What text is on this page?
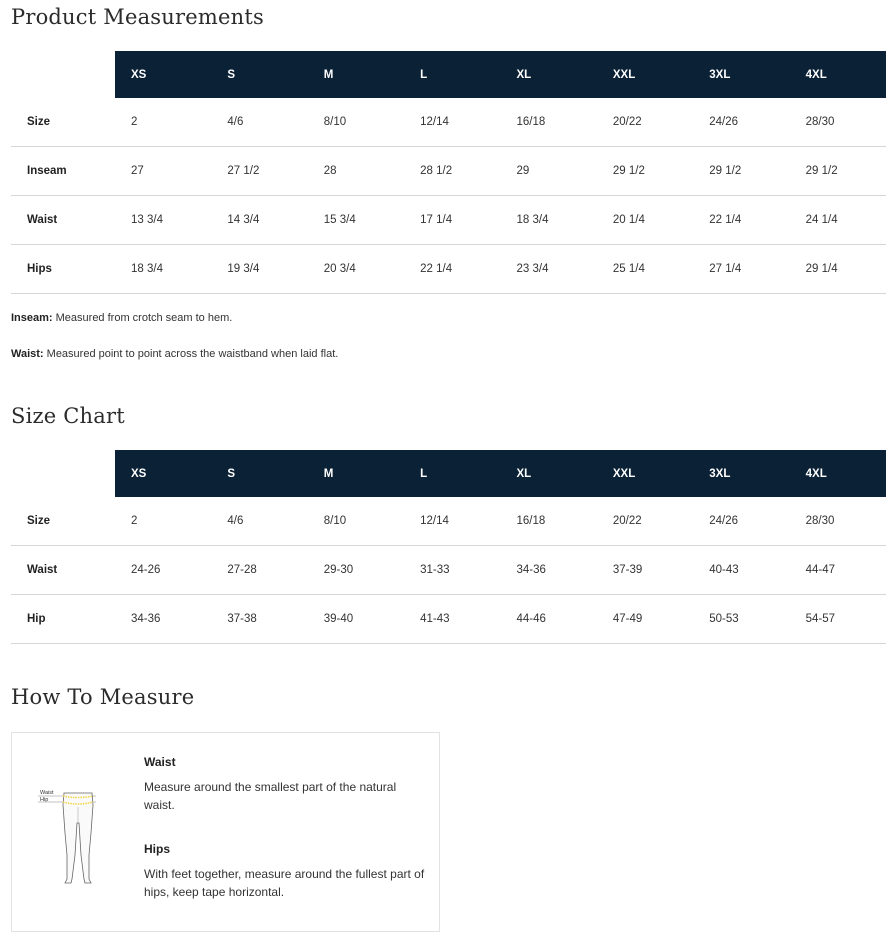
Product Measurements
	XS	S	M	L	XL	XXL	3XL	4XL
Size	2	4/6	8/10	12/14	16/18	20/22	24/26	28/30
Inseam	27	27 1/2	28	28 1/2	29	29 1/2	29 1/2	29 1/2
Waist	13 3/4	14 3/4	15 3/4	17 1/4	18 3/4	20 1/4	22 1/4	24 1/4
Hips	18 3/4	19 3/4	20 3/4	22 1/4	23 3/4	25 1/4	27 1/4	29 1/4

Inseam: Measured from crotch seam to hem.

Waist: Measured point to point across the waistband when laid flat.

Size Chart
	XS	S	M	L	XL	XXL	3XL	4XL
Size	2	4/6	8/10	12/14	16/18	20/22	24/26	28/30
Waist	24-26	27-28	29-30	31-33	34-36	37-39	40-43	44-47
Hip	34-36	37-38	39-40	41-43	44-46	47-49	50-53	54-57
How To Measure
Waist
Hip
Waist

Measure around the smallest part of the natural waist.

Hips

With feet together, measure around the fullest part of hips, keep tape horizontal.
